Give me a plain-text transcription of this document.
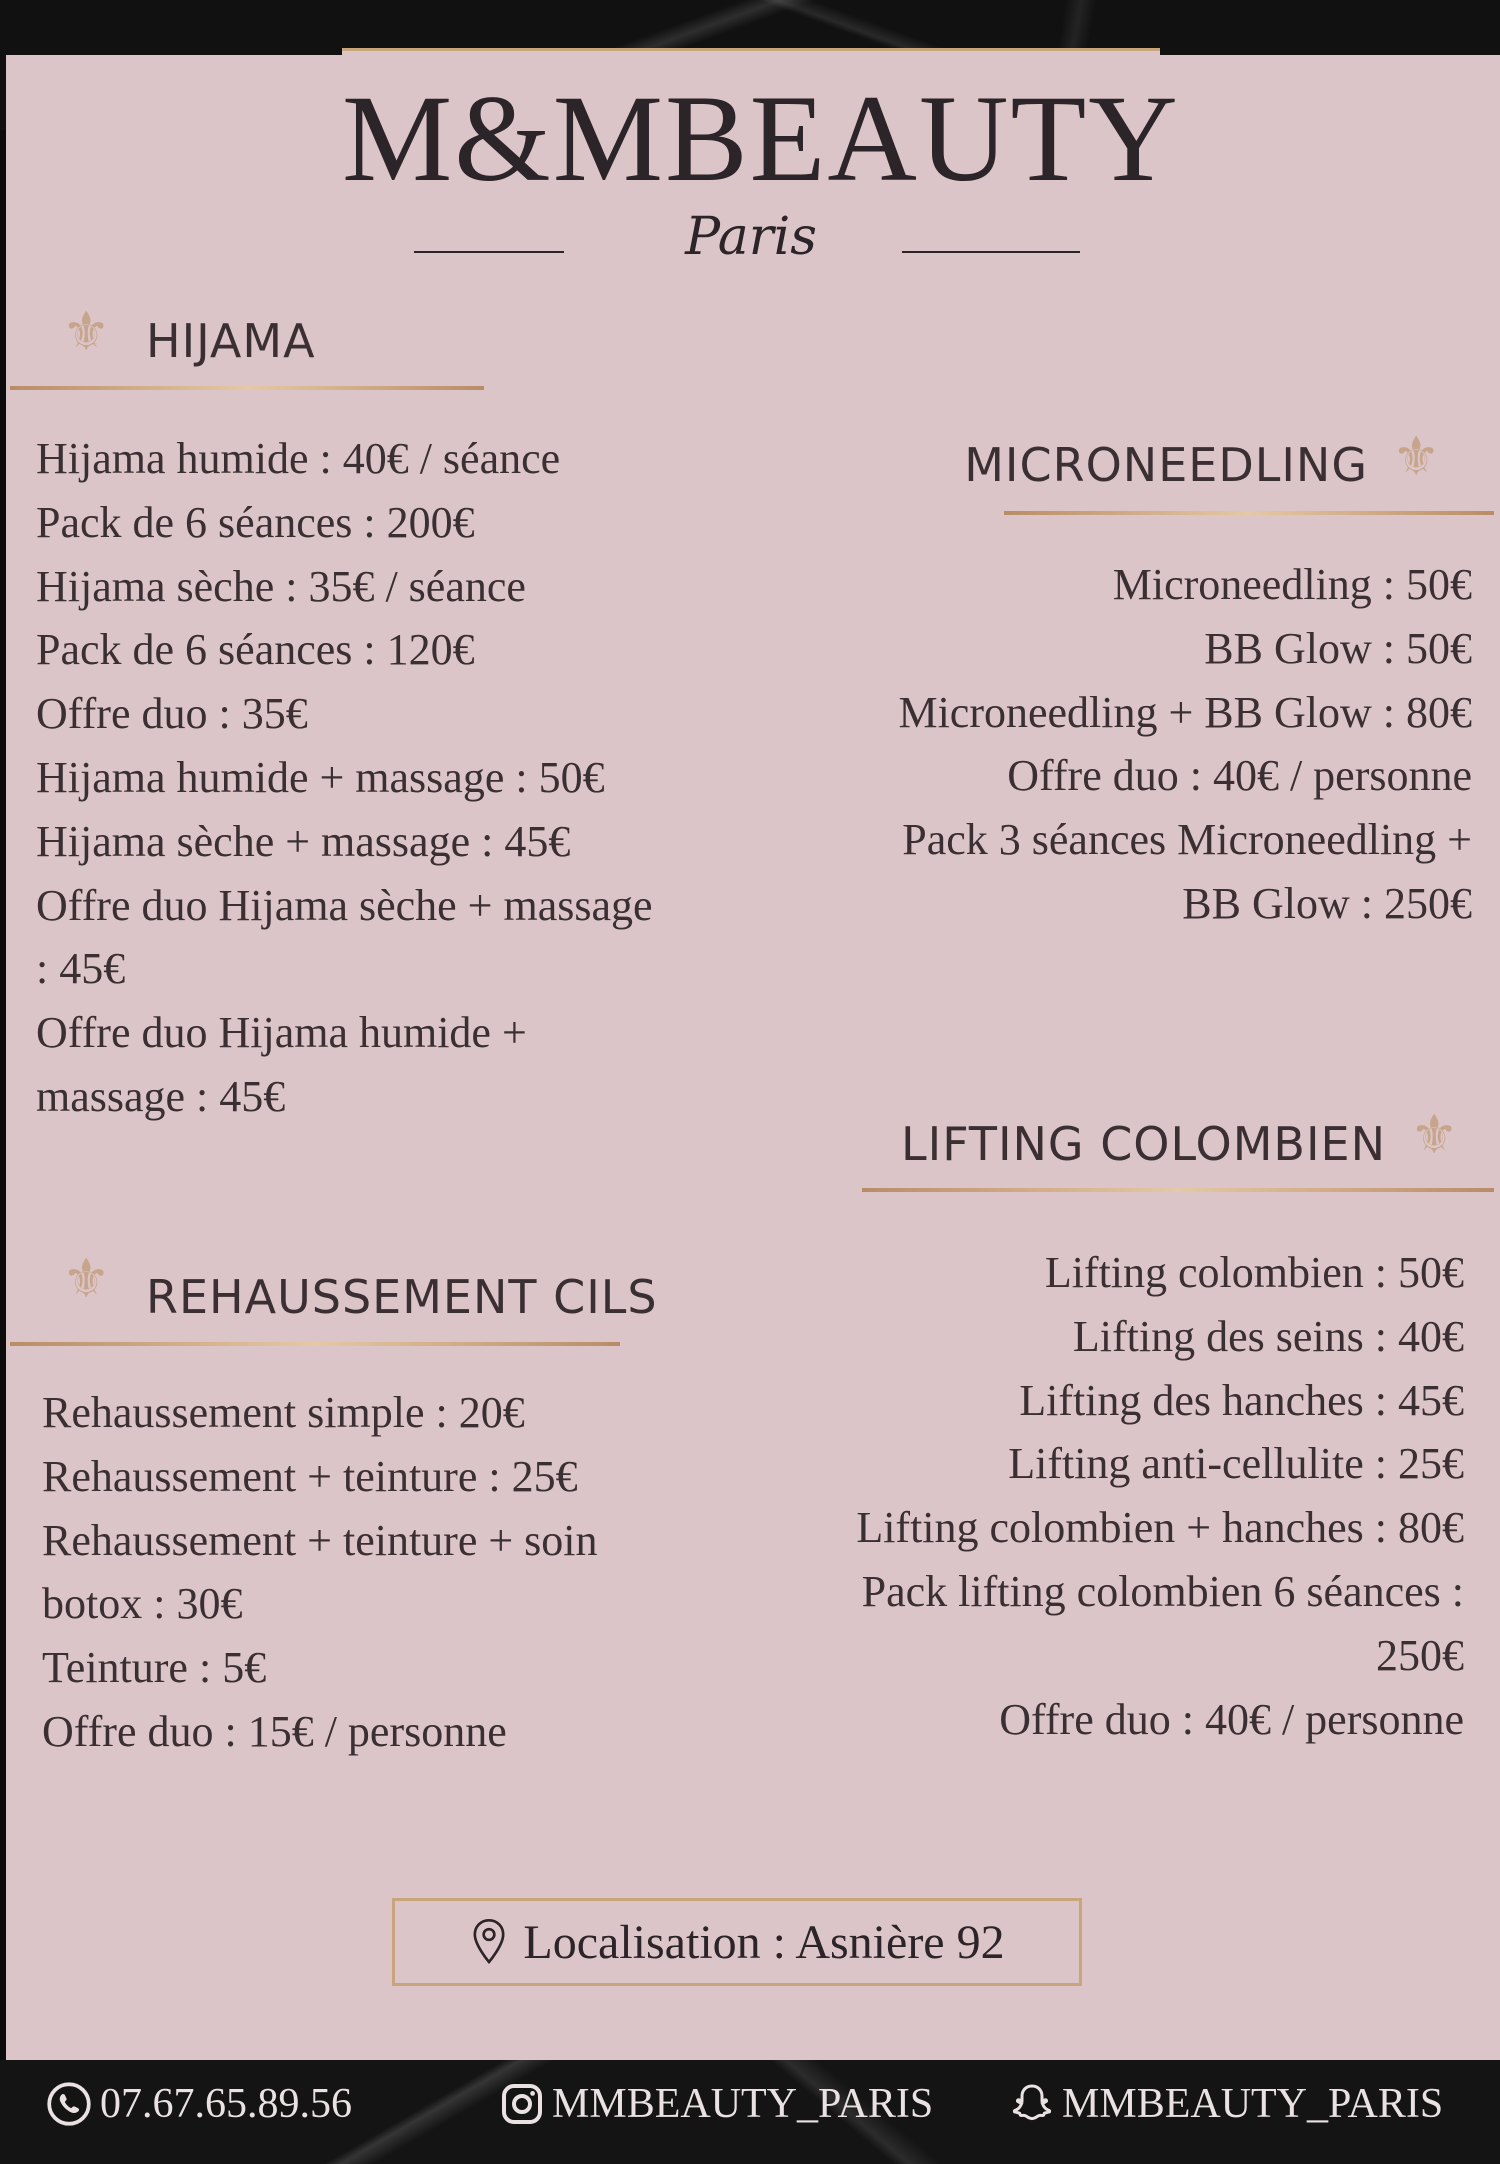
M&MBEAUTY
Paris
⚜ HIJAMA
Hijama humide : 40€ / séance
Pack de 6 séances : 200€
Hijama sèche : 35€ / séance
Pack de 6 séances : 120€
Offre duo : 35€
Hijama humide + massage : 50€
Hijama sèche + massage : 45€
Offre duo Hijama sèche + massage
: 45€
Offre duo Hijama humide +
massage : 45€
MICRONEEDLING ⚜
Microneedling : 50€
BB Glow : 50€
Microneedling + BB Glow : 80€
Offre duo : 40€ / personne
Pack 3 séances Microneedling +
BB Glow : 250€
LIFTING COLOMBIEN ⚜
Lifting colombien : 50€
Lifting des seins : 40€
Lifting des hanches : 45€
Lifting anti-cellulite : 25€
Lifting colombien + hanches : 80€
Pack lifting colombien 6 séances :
250€
Offre duo : 40€ / personne
⚜ REHAUSSEMENT CILS
Rehaussement simple : 20€
Rehaussement + teinture : 25€
Rehaussement + teinture + soin
botox : 30€
Teinture : 5€
Offre duo : 15€ / personne
Localisation : Asnière 92
07.67.65.89.56	MMBEAUTY_PARIS	MMBEAUTY_PARIS
